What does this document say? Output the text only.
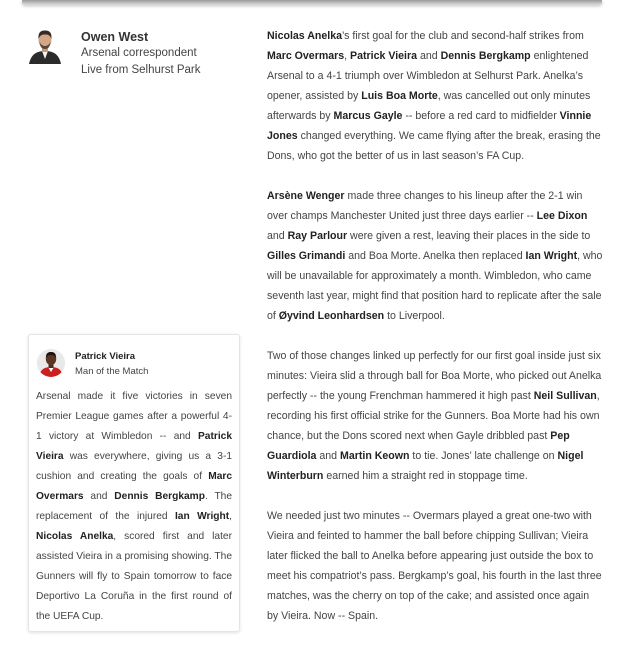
Owen West
Arsenal correspondent
Live from Selhurst Park

Nicolas Anelka’s first goal for the club and second-half strikes from Marc Overmars, Patrick Vieira and Dennis Bergkamp enlightened Arsenal to a 4-1 triumph over Wimbledon at Selhurst Park. Anelka’s opener, assisted by Luis Boa Morte, was cancelled out only minutes afterwards by Marcus Gayle -- before a red card to midfielder Vinnie Jones changed everything. We came flying after the break, erasing the Dons, who got the better of us in last season’s FA Cup.

Arsène Wenger made three changes to his lineup after the 2-1 win over champs Manchester United just three days earlier -- Lee Dixon and Ray Parlour were given a rest, leaving their places in the side to Gilles Grimandi and Boa Morte. Anelka then replaced Ian Wright, who will be unavailable for approximately a month. Wimbledon, who came seventh last year, might find that position hard to replicate after the sale of Øyvind Leonhardsen to Liverpool.

Two of those changes linked up perfectly for our first goal inside just six minutes: Vieira slid a through ball for Boa Morte, who picked out Anelka perfectly -- the young Frenchman hammered it high past Neil Sullivan, recording his first official strike for the Gunners. Boa Morte had his own chance, but the Dons scored next when Gayle dribbled past Pep Guardiola and Martin Keown to tie. Jones’ late challenge on Nigel Winterburn earned him a straight red in stoppage time.

We needed just two minutes -- Overmars played a great one-two with Vieira and feinted to hammer the ball before chipping Sullivan; Vieira later flicked the ball to Anelka before appearing just outside the box to meet his compatriot’s pass. Bergkamp’s goal, his fourth in the last three matches, was the cherry on top of the cake; and assisted once again by Vieira. Now -- Spain.

Patrick Vieira
Man of the Match

Arsenal made it five victories in seven Premier League games after a powerful 4-1 victory at Wimbledon -- and Patrick Vieira was everywhere, giving us a 3-1 cushion and creating the goals of Marc Overmars and Dennis Bergkamp. The replacement of the injured Ian Wright, Nicolas Anelka, scored first and later assisted Vieira in a promising showing. The Gunners will fly to Spain tomorrow to face Deportivo La Coruña in the first round of the UEFA Cup.
